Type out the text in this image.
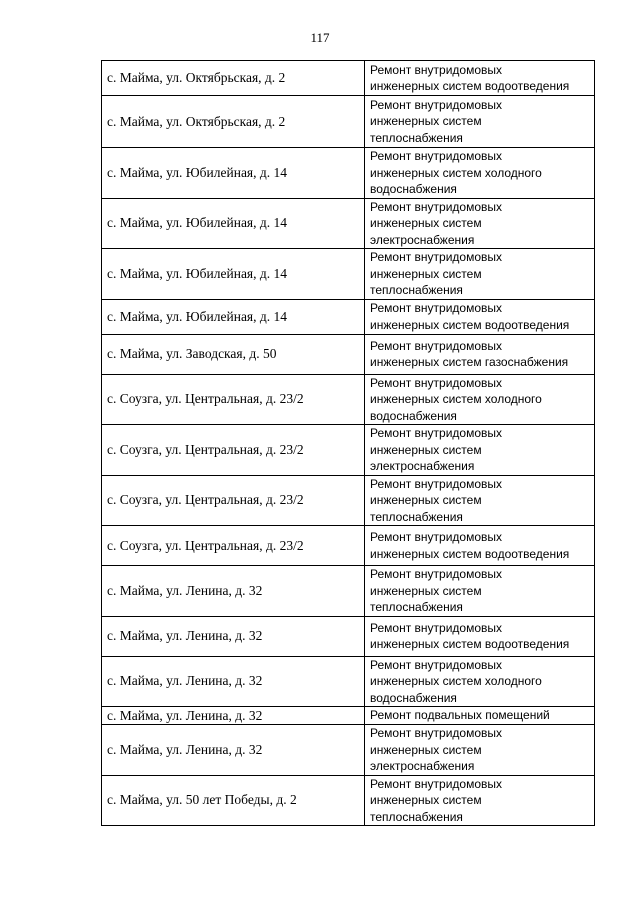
117
с. Майма, ул. Октябрьская, д. 2	Ремонт внутридомовых
инженерных систем водоотведения

с. Майма, ул. Октябрьская, д. 2	Ремонт внутридомовых
инженерных систем
теплоснабжения

с. Майма, ул. Юбилейная, д. 14	Ремонт внутридомовых
инженерных систем холодного
водоснабжения

с. Майма, ул. Юбилейная, д. 14	Ремонт внутридомовых
инженерных систем
электроснабжения

с. Майма, ул. Юбилейная, д. 14	Ремонт внутридомовых
инженерных систем
теплоснабжения

с. Майма, ул. Юбилейная, д. 14	Ремонт внутридомовых
инженерных систем водоотведения

с. Майма, ул. Заводская, д. 50	Ремонт внутридомовых
инженерных систем газоснабжения

с. Соузга, ул. Центральная, д. 23/2	Ремонт внутридомовых
инженерных систем холодного
водоснабжения

с. Соузга, ул. Центральная, д. 23/2	Ремонт внутридомовых
инженерных систем
электроснабжения

с. Соузга, ул. Центральная, д. 23/2	Ремонт внутридомовых
инженерных систем
теплоснабжения

с. Соузга, ул. Центральная, д. 23/2	Ремонт внутридомовых
инженерных систем водоотведения

с. Майма, ул. Ленина, д. 32	Ремонт внутридомовых
инженерных систем
теплоснабжения

с. Майма, ул. Ленина, д. 32	Ремонт внутридомовых
инженерных систем водоотведения

с. Майма, ул. Ленина, д. 32	Ремонт внутридомовых
инженерных систем холодного
водоснабжения

с. Майма, ул. Ленина, д. 32	Ремонт подвальных помещений

с. Майма, ул. Ленина, д. 32	Ремонт внутридомовых
инженерных систем
электроснабжения

с. Майма, ул. 50 лет Победы, д. 2	Ремонт внутридомовых
инженерных систем
теплоснабжения
